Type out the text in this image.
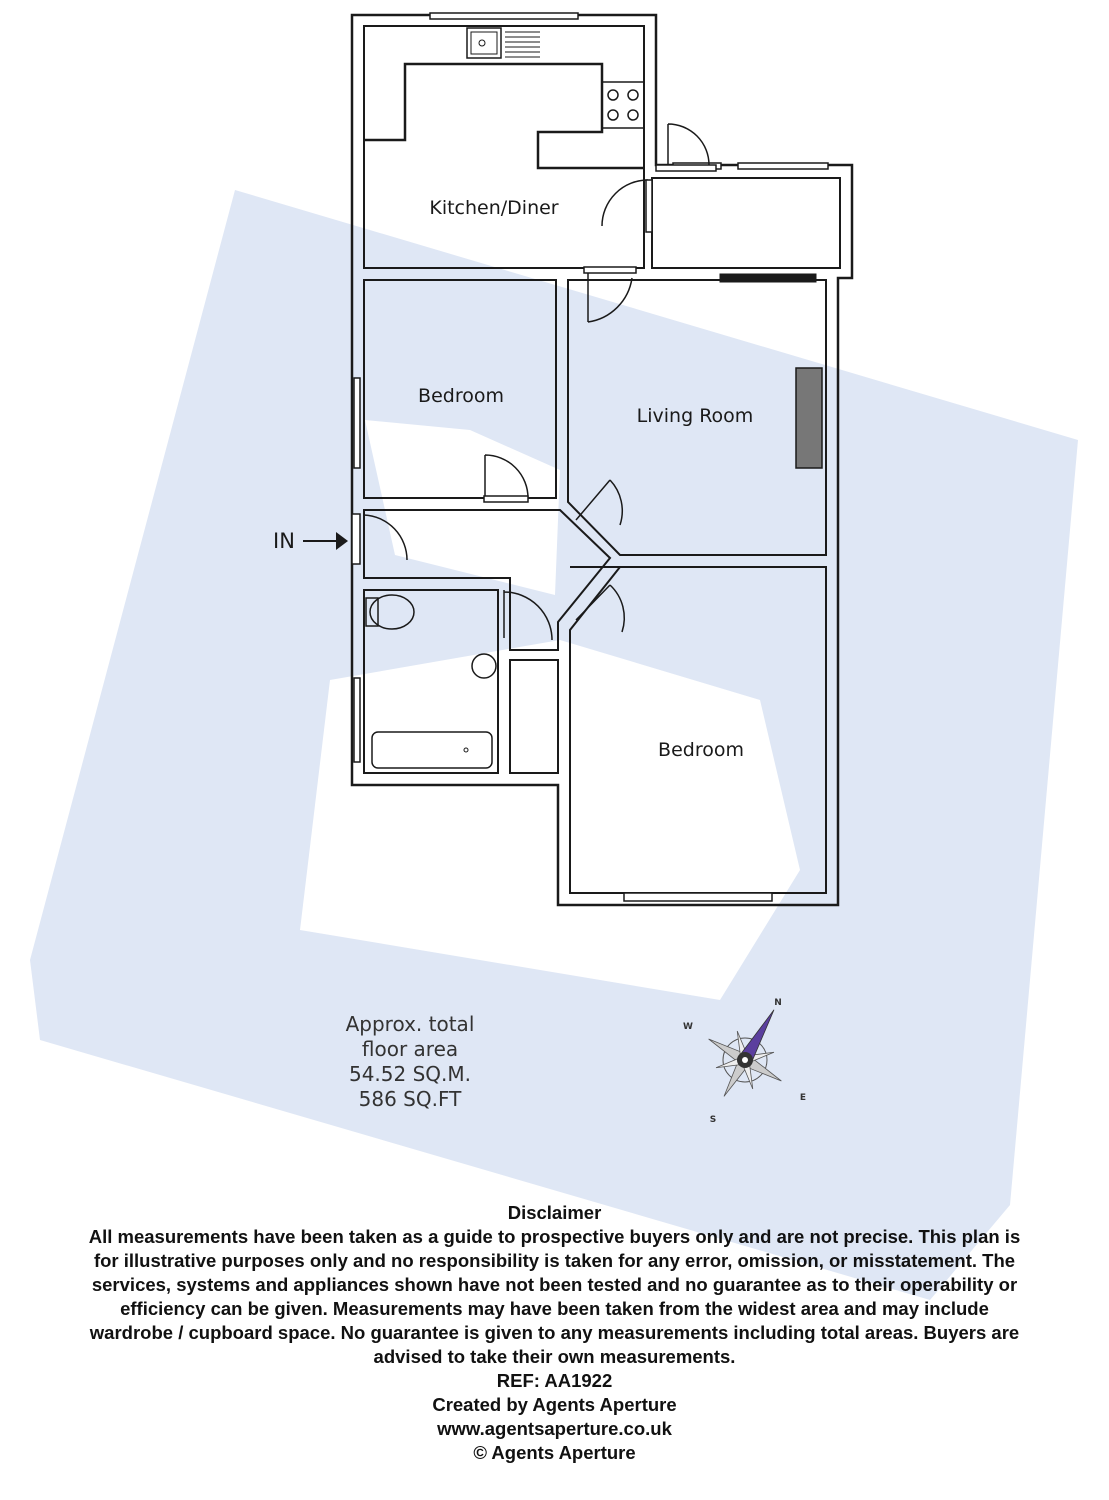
Kitchen/Diner
Bedroom
Living Room
Bedroom
IN
N
E
S
W
Approx. total
floor area
54.52 SQ.M.
586 SQ.FT
Disclaimer
All measurements have been taken as a guide to prospective buyers only and are not precise. This plan is
for illustrative purposes only and no responsibility is taken for any error, omission, or misstatement. The
services, systems and appliances shown have not been tested and no guarantee as to their operability or
efficiency can be given. Measurements may have been taken from the widest area and may include
wardrobe / cupboard space. No guarantee is given to any measurements including total areas. Buyers are
advised to take their own measurements.
REF: AA1922
Created by Agents Aperture
www.agentsaperture.co.uk
© Agents Aperture
